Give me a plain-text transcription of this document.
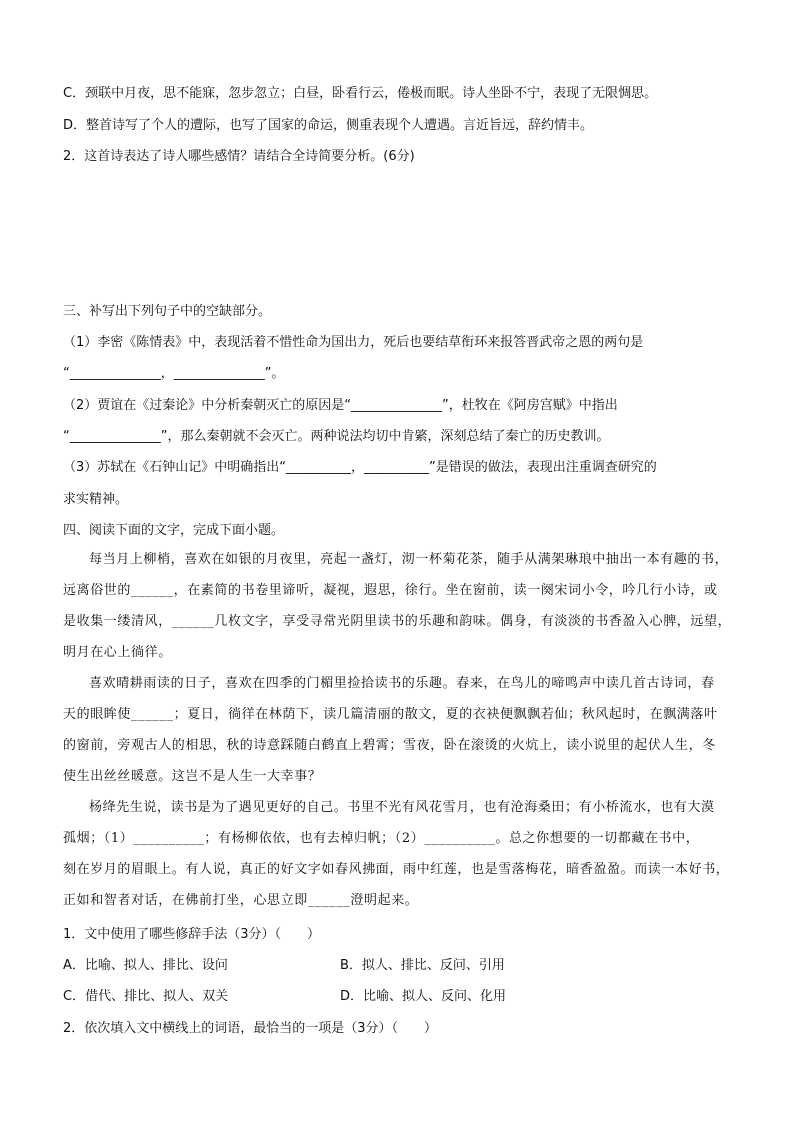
C．颈联中月夜，思不能寐，忽步忽立；白昼，卧看行云，倦极而眠。诗人坐卧不宁，表现了无限惆思。
D．整首诗写了个人的遭际，也写了国家的命运，侧重表现个人遭遇。言近旨远，辞约情丰。
2．这首诗表达了诗人哪些感情？请结合全诗简要分析。(6分)
三、补写出下列句子中的空缺部分。
（1）李密《陈情表》中，表现活着不惜性命为国出力，死后也要结草衔环来报答晋武帝之恩的两句是
“______________，______________”。
（2）贾谊在《过秦论》中分析秦朝灭亡的原因是“______________”，杜牧在《阿房宫赋》中指出
“______________”，那么秦朝就不会灭亡。两种说法均切中肯綮，深刻总结了秦亡的历史教训。
（3）苏轼在《石钟山记》中明确指出“__________，__________”是错误的做法，表现出注重调查研究的
求实精神。
四、阅读下面的文字，完成下面小题。
每当月上柳梢，喜欢在如银的月夜里，亮起一盏灯，沏一杯菊花茶，随手从满架琳琅中抽出一本有趣的书，
远离俗世的______，在素简的书卷里谛听，凝视，遐思，徐行。坐在窗前，读一阕宋词小令，吟几行小诗，或
是收集一缕清风，______几枚文字，享受寻常光阴里读书的乐趣和韵味。偶身，有淡淡的书香盈入心脾，远望，
明月在心上徜徉。
喜欢晴耕雨读的日子，喜欢在四季的门楣里捡拾读书的乐趣。春来，在鸟儿的啼鸣声中读几首古诗词，春
天的眼眸使______；夏日，徜徉在林荫下，读几篇清丽的散文，夏的衣袂便飘飘若仙；秋风起时，在飘满落叶
的窗前，旁观古人的相思，秋的诗意踩随白鹤直上碧霄；雪夜，卧在滚烫的火炕上，读小说里的起伏人生，冬
使生出丝丝暖意。这岂不是人生一大幸事？
杨绛先生说，读书是为了遇见更好的自己。书里不光有风花雪月，也有沧海桑田；有小桥流水，也有大漠
孤烟；（1）__________；有杨柳依依，也有去棹归帆；（2）__________。总之你想要的一切都藏在书中，
刻在岁月的眉眼上。有人说，真正的好文字如春风拂面，雨中红莲，也是雪落梅花，暗香盈盈。而读一本好书，
正如和智者对话，在佛前打坐，心思立即______澄明起来。
1．文中使用了哪些修辞手法（3分）（　　）
A．比喻、拟人、排比、设问	B．拟人、排比、反问、引用
C．借代、排比、拟人、双关	D．比喻、拟人、反问、化用
2．依次填入文中横线上的词语，最恰当的一项是（3分）（　　）
